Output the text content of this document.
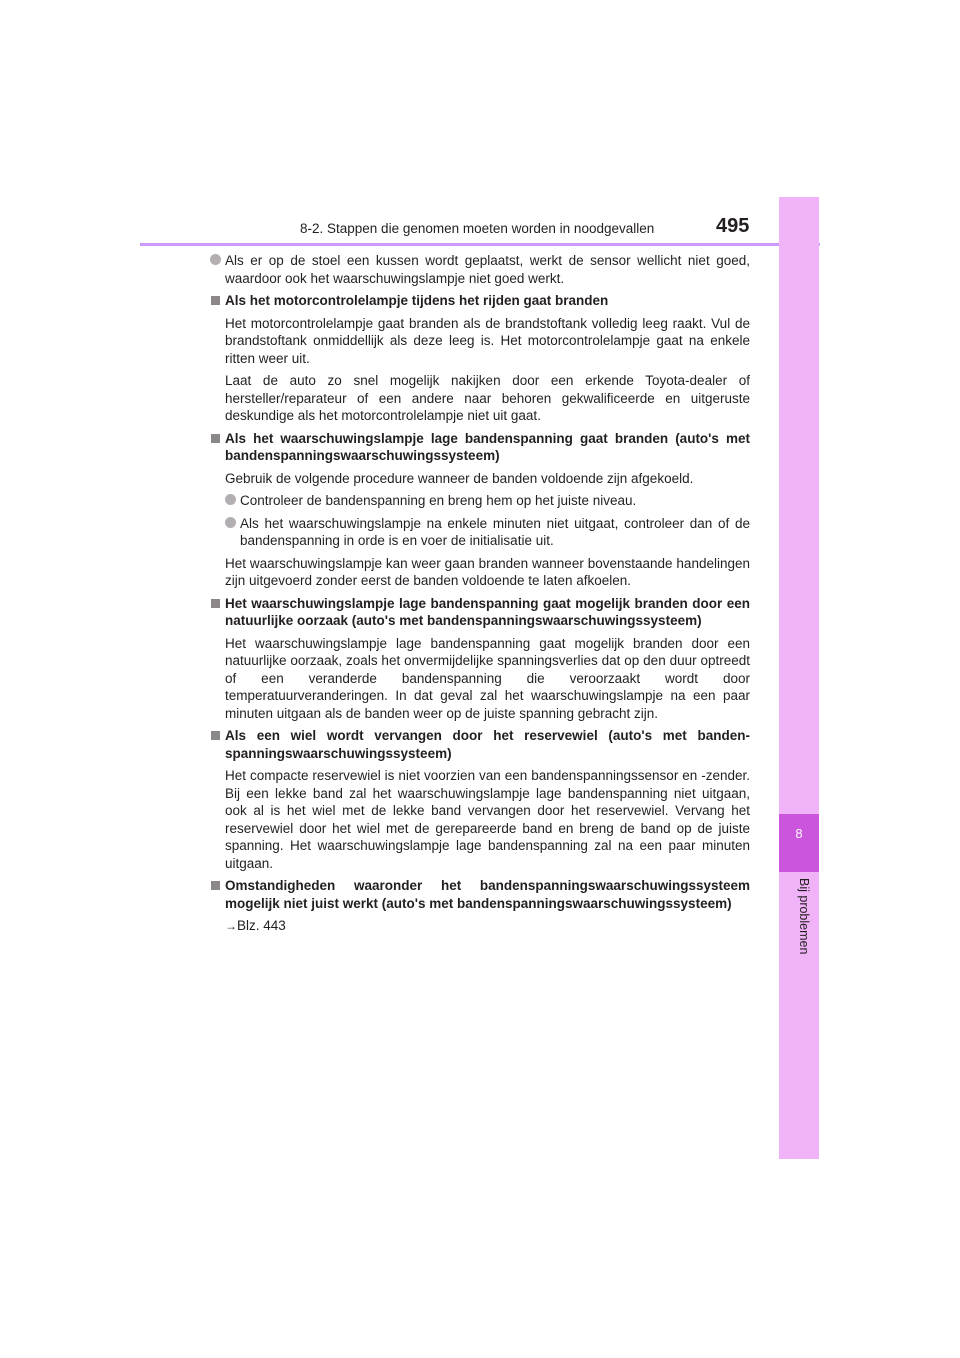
8-2. Stappen die genomen moeten worden in noodgevallen	495
8
Bij problemen
Als er op de stoel een kussen wordt geplaatst, werkt de sensor wellicht niet goed, waardoor ook het waarschuwingslampje niet goed werkt.
Als het motorcontrolelampje tijdens het rijden gaat branden
Het motorcontrolelampje gaat branden als de brandstoftank volledig leeg raakt. Vul de brandstoftank onmiddellijk als deze leeg is. Het motorcontrolelampje gaat na enkele ritten weer uit.
Laat de auto zo snel mogelijk nakijken door een erkende Toyota-dealer of hersteller/reparateur of een andere naar behoren gekwalificeerde en uitgeruste deskundige als het motorcontrolelampje niet uit gaat.
Als het waarschuwingslampje lage bandenspanning gaat branden (auto's met bandenspanningswaarschuwingssysteem)
Gebruik de volgende procedure wanneer de banden voldoende zijn afgekoeld.
Controleer de bandenspanning en breng hem op het juiste niveau.
Als het waarschuwingslampje na enkele minuten niet uitgaat, controleer dan of de bandenspanning in orde is en voer de initialisatie uit.
Het waarschuwingslampje kan weer gaan branden wanneer bovenstaande handelingen zijn uitgevoerd zonder eerst de banden voldoende te laten afkoelen.
Het waarschuwingslampje lage bandenspanning gaat mogelijk branden door een natuurlijke oorzaak (auto's met bandenspanningswaarschuwingssysteem)
Het waarschuwingslampje lage bandenspanning gaat mogelijk branden door een natuurlijke oorzaak, zoals het onvermijdelijke spanningsverlies dat op den duur optreedt of een veranderde bandenspanning die veroorzaakt wordt door temperatuurveranderingen. In dat geval zal het waarschuwingslampje na een paar minuten uitgaan als de banden weer op de juiste spanning gebracht zijn.
Als een wiel wordt vervangen door het reservewiel (auto's met bandenspanningswaarschuwingssysteem)
Het compacte reservewiel is niet voorzien van een bandenspanningssensor en -zender. Bij een lekke band zal het waarschuwingslampje lage bandenspanning niet uitgaan, ook al is het wiel met de lekke band vervangen door het reservewiel. Vervang het reservewiel door het wiel met de gerepareerde band en breng de band op de juiste spanning. Het waarschuwingslampje lage bandenspanning zal na een paar minuten uitgaan.
Omstandigheden waaronder het bandenspanningswaarschuwingssysteem mogelijk niet juist werkt (auto's met bandenspanningswaarschuwingssysteem)
→Blz. 443
